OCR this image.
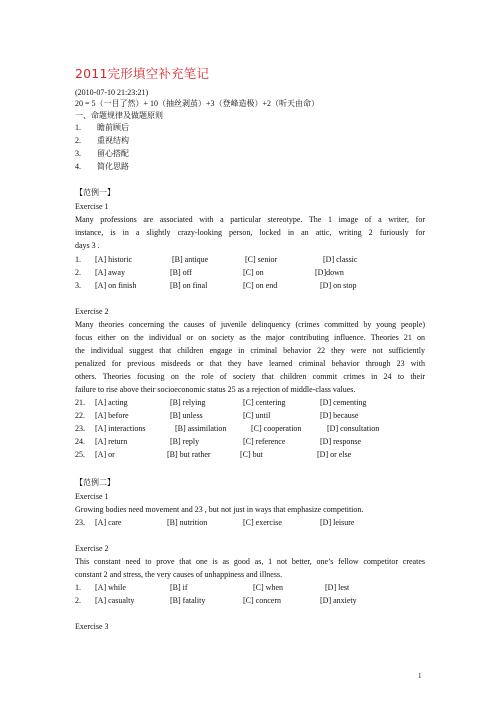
2011完形填空补充笔记
(2010-07-10 21:23:21)
20 = 5（一目了然）+ 10（抽丝剥茧）+3（登峰造极）+2（听天由命）
一、命题规律及做题原则
1. 瞻前顾后
2. 重视结构
3. 留心搭配
4. 简化思路
【范例一】
Exercise 1
Many professions are associated with a particular stereotype. The 1 image of a writer, for
instance, is in a slightly crazy-looking person, locked in an attic, writing 2 furiously for
days 3 .
1. [A] historic	[B] antique	[C] senior	[D] classic
2. [A] away	[B] off	[C] on	[D]down
3. [A] on finish	[B] on final	[C] on end	[D] on stop
Exercise 2
Many theories concerning the causes of juvenile delinquency (crimes committed by young people)
focus either on the individual or on society as the major contributing influence. Theories 21 on
the individual suggest that children engage in criminal behavior 22 they were not sufficiently
penalized for previous misdeeds or that they have learned criminal behavior through 23 with
others. Theories focusing on the role of society that children commit crimes in 24 to their
failure to rise above their socioeconomic status 25 as a rejection of middle-class values.
21. [A] acting	[B] relying	[C] centering	[D] cementing
22. [A] before	[B] unless	[C] until	[D] because
23. [A] interactions	[B] assimilation	[C] cooperation	[D] consultation
24. [A] return	[B] reply	[C] reference	[D] response
25. [A] or	[B] but rather	[C] but	[D] or else
【范例二】
Exercise 1
Growing bodies need movement and 23 , but not just in ways that emphasize competition.
23. [A] care	[B] nutrition	[C] exercise	[D] leisure
Exercise 2
This constant need to prove that one is as good as, 1 not better, one’s fellow competitor creates
constant 2 and stress, the very causes of unhappiness and illness.
1. [A] while	[B] if	[C] when	[D] lest
2. [A] casualty	[B] fatality	[C] concern	[D] anxiety
Exercise 3
1
